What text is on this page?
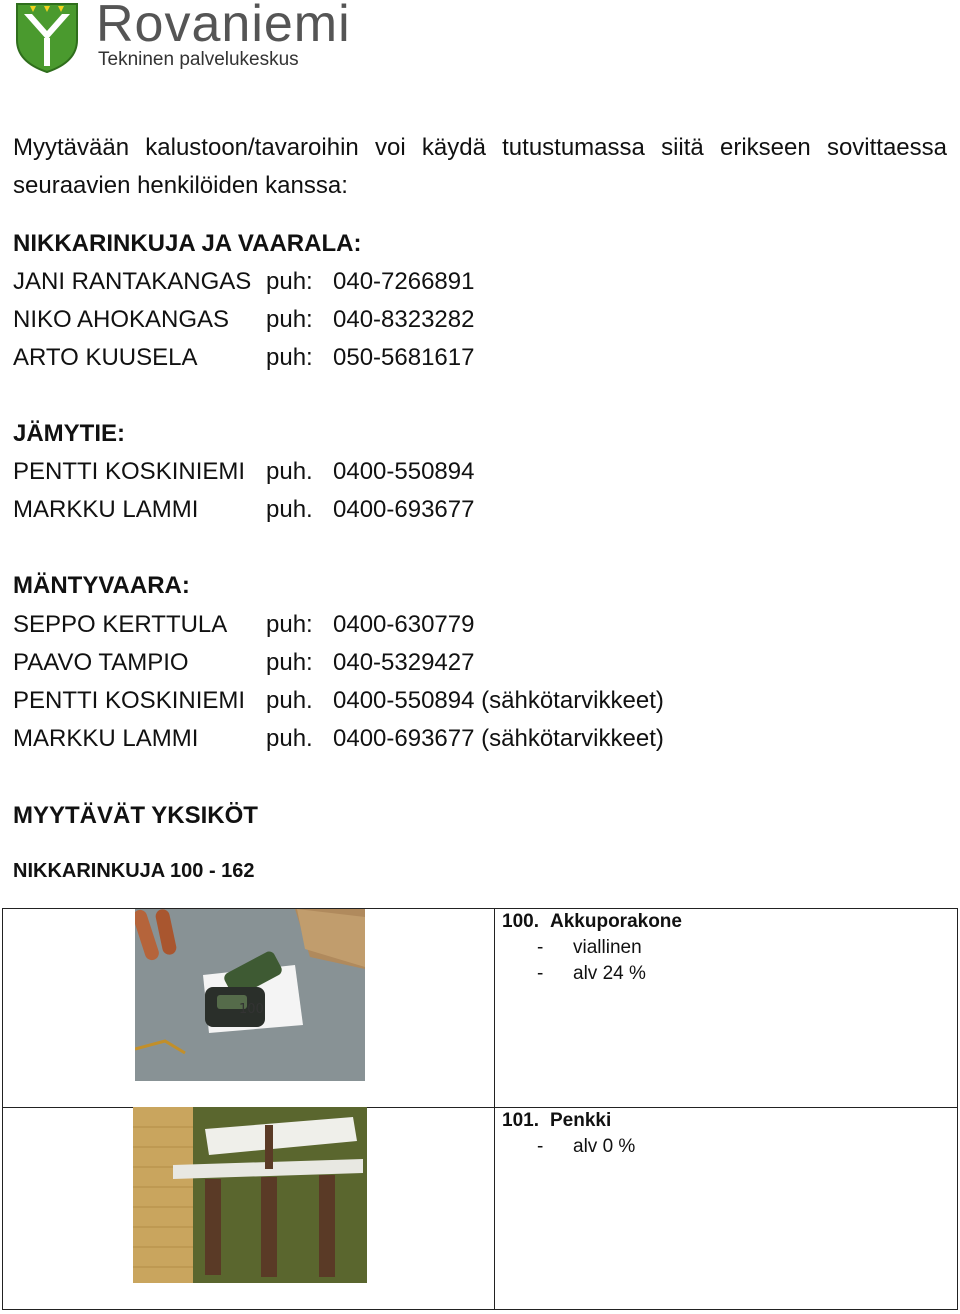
Rovaniemi
Tekninen palvelukeskus

Myytävään kalustoon/tavaroihin voi käydä tutustumassa siitä erikseen sovittaessa seuraavien henkilöiden kanssa:

NIKKARINKUJA JA VAARALA:
JANI RANTAKANGAS puh: 040-7266891
NIKO AHOKANGAS puh: 040-8323282
ARTO KUUSELA	puh: 050-5681617
JÄMYTIE:
PENTTI KOSKINIEMI puh. 0400-550894
MARKKU LAMMI	puh. 0400-693677
MÄNTYVAARA:
SEPPO KERTTULA puh: 0400-630779
PAAVO TAMPIO	puh: 040-5329427
PENTTI KOSKINIEMI puh. 0400-550894 (sähkötarvikkeet)
MARKKU LAMMI	puh. 0400-693677 (sähkötarvikkeet)
MYYTÄVÄT YKSIKÖT
NIKKARINKUJA 100 - 162
100
100. Akkuporakone
- viallinen
- alv 24 %
101. Penkki
- alv 0 %
